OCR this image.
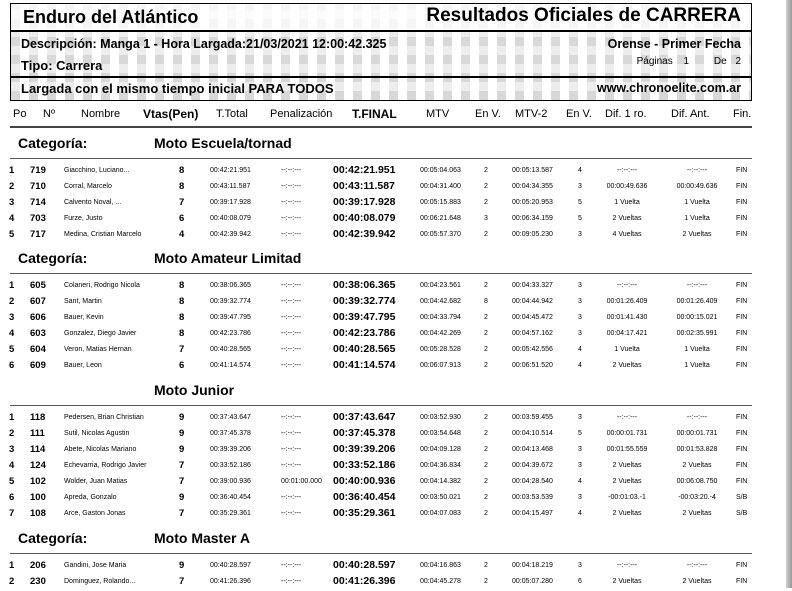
Enduro del Atlántico	Resultados Oficiales de CARRERA
Descripción: Manga 1 - Hora Largada:21/03/2021 12:00:42.325	Orense - Primer Fecha
Tipo: Carrera	Páginas 1 De 2
Largada con el mismo tiempo inicial PARA TODOS	www.chronoelite.com.ar
Po Nº Nombre Vtas(Pen) T.Total Penalización T.FINAL	MTV En V. MTV-2 En V. Dif. 1 ro. Dif. Ant. Fin.
Categoría:	Moto Escuela/tornad
1 719	Giacchino, Luciano...	8	00:42:21.951	--:--:---	00:42:21.951	00:05:04.063	2	00:05:13.587	4	--:--:---	--:--:---	FIN
2 710	Corral, Marcelo	8	00:43:11.587	--:--:---	00:43:11.587	00:04:31.400	2	00:04:34.355	3	00:00:49.636	00:00:49.636	FIN
3 714	Calvento Noval, ...	7	00:39:17.928	--:--:---	00:39:17.928	00:05:15.883	2	00:05:20.953	5	1 Vuelta	1 Vuelta	FIN
4 703	Furze, Justo	6	00:40:08.079	--:--:---	00:40:08.079	00:06:21.648	3	00:06:34.159	5	2 Vueltas	1 Vuelta	FIN
5 717	Medina, Cristian Marcelo	4	00:42:39.942	--:--:---	00:42:39.942	00:05:57.370	2	00:09:05.230	3	4 Vueltas	2 Vueltas	FIN
Categoría:	Moto Amateur Limitad
1 605	Colaneri, Rodrigo Nicola	8	00:38:06.365	--:--:---	00:38:06.365	00:04:23.561	2	00:04:33.327	3	--:--:---	--:--:---	FIN
2 607	Sant, Martin	8	00:39:32.774	--:--:---	00:39:32.774	00:04:42.682	8	00:04:44.942	3	00:01:26.409	00:01:26.409	FIN
3 606	Bauer, Kevin	8	00:39:47.795	--:--:---	00:39:47.795	00:04:33.794	2	00:04:45.472	3	00:01:41.430	00:00:15.021	FIN
4 603	Gonzalez, Diego Javier	8	00:42:23.786	--:--:---	00:42:23.786	00:04:42.269	2	00:04:57.162	3	00:04:17.421	00:02:35.991	FIN
5 604	Veron, Matias Hernan	7	00:40:28.565	--:--:---	00:40:28.565	00:05:28.528	2	00:05:42.556	4	1 Vuelta	1 Vuelta	FIN
6 609	Bauer, Leon	6	00:41:14.574	--:--:---	00:41:14.574	00:06:07.913	2	00:06:51.520	4	2 Vueltas	1 Vuelta	FIN
Moto Junior
1 118	Pedersen, Brian Christian	9	00:37:43.647	--:--:---	00:37:43.647	00:03:52.930	2	00:03:59.455	3	--:--:---	--:--:---	FIN
2 111	Sutil, Nicolas Agustin	9	00:37:45.378	--:--:---	00:37:45.378	00:03:54.648	2	00:04:10.514	5	00:00:01.731	00:00:01.731	FIN
3 114	Abete, Nicolas Mariano	9	00:39:39.206	--:--:---	00:39:39.206	00:04:09.128	2	00:04:13.468	3	00:01:55.559	00:01:53.828	FIN
4 124	Echevarria, Rodrigo Javier	7	00:33:52.186	--:--:---	00:33:52.186	00:04:36.834	2	00:04:39.672	3	2 Vueltas	2 Vueltas	FIN
5 102	Wolder, Juan Matias	7	00:39:00.936	00:01:00.000 00:40:00.936	00:04:14.382	2	00:04:28.540	4	2 Vueltas	00:06:08.750	FIN
6 100	Apreda, Gonzalo	9	00:36:40.454	--:--:---	00:36:40.454	00:03:50.021	2	00:03:53.539	3	-00:01:03.-1	-00:03:20.-4	S/B
7 108	Arce, Gaston Jonas	7	00:35:29.361	--:--:---	00:35:29.361	00:04:07.083	2	00:04:15.497	4	2 Vueltas	2 Vueltas	S/B
Categoría:	Moto Master A
1 206	Gandini, Jose Maria	9	00:40:28.597	--:--:---	00:40:28.597	00:04:16.863	2	00:04:18.219	3	--:--:---	--:--:---	FIN
2 230	Dominguez, Rolando...	7	00:41:26.396	--:--:---	00:41:26.396	00:04:45.278	2	00:05:07.280	6	2 Vueltas	2 Vueltas	FIN
